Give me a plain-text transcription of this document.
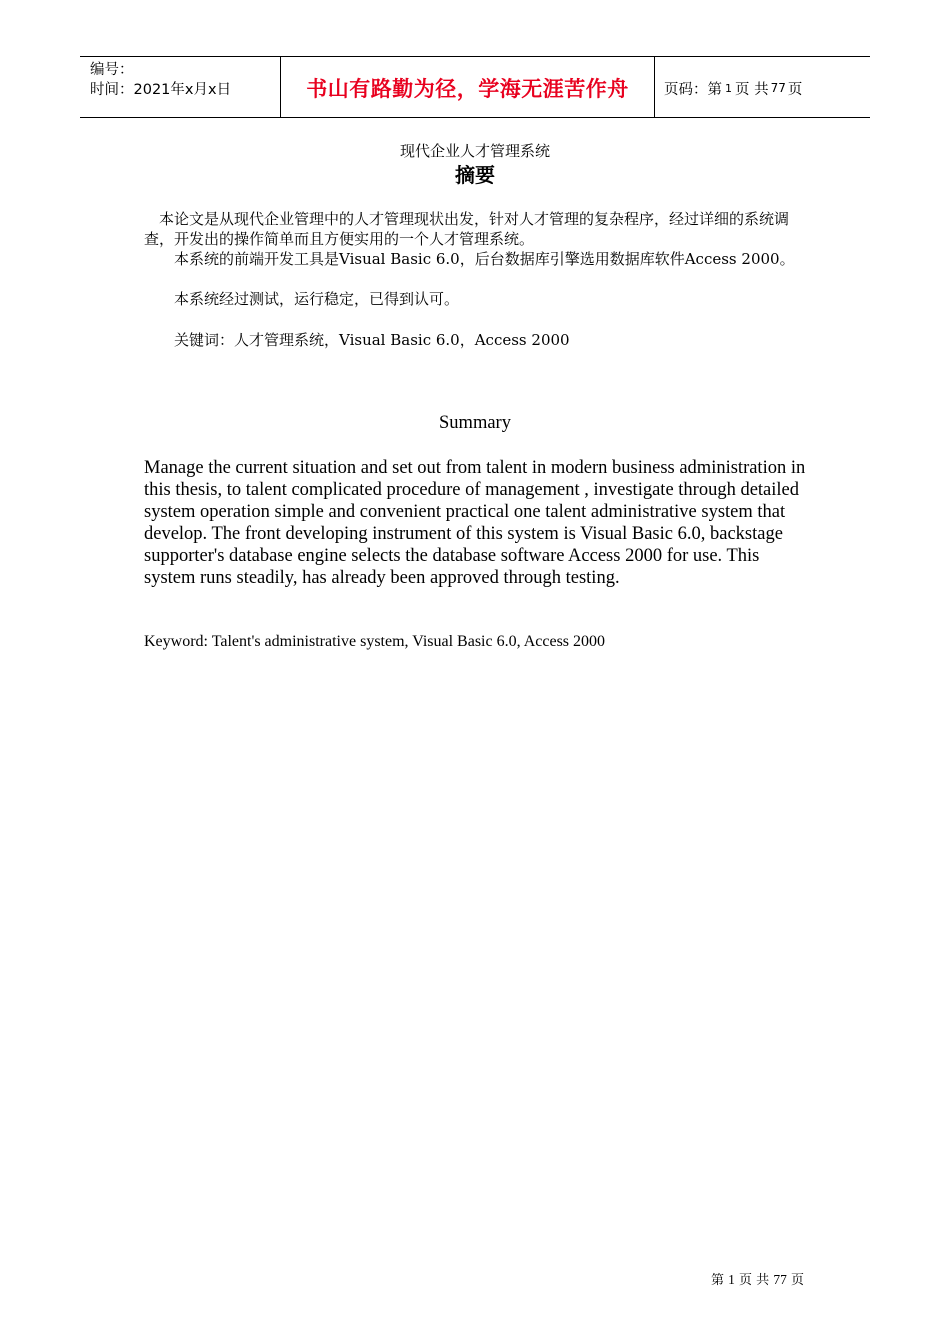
编号：
时间：2021年x月x日	书山有路勤为径，学海无涯苦作舟 页码：第 1 页 共 77 页
现代企业人才管理系统
摘要

　本论文是从现代企业管理中的人才管理现状出发，针对人才管理的复杂程序，经过详细的系统调查，开发出的操作简单而且方便实用的一个人才管理系统。

　　本系统的前端开发工具是Visual Basic 6.0，后台数据库引擎选用数据库软件Access 2000。

　　本系统经过测试，运行稳定，已得到认可。

　　关键词：人才管理系统，Visual Basic 6.0，Access 2000

Summary

Manage the current situation and set out from talent in modern business administration in this thesis, to talent complicated procedure of management , investigate through detailed system operation simple and convenient practical one talent administrative system that develop. The front developing instrument of this system is Visual Basic 6.0, backstage supporter's database engine selects the database software Access 2000 for use. This system runs steadily, has already been approved through testing.

Keyword: Talent's administrative system, Visual Basic 6.0, Access 2000

第 1 页 共 77 页
